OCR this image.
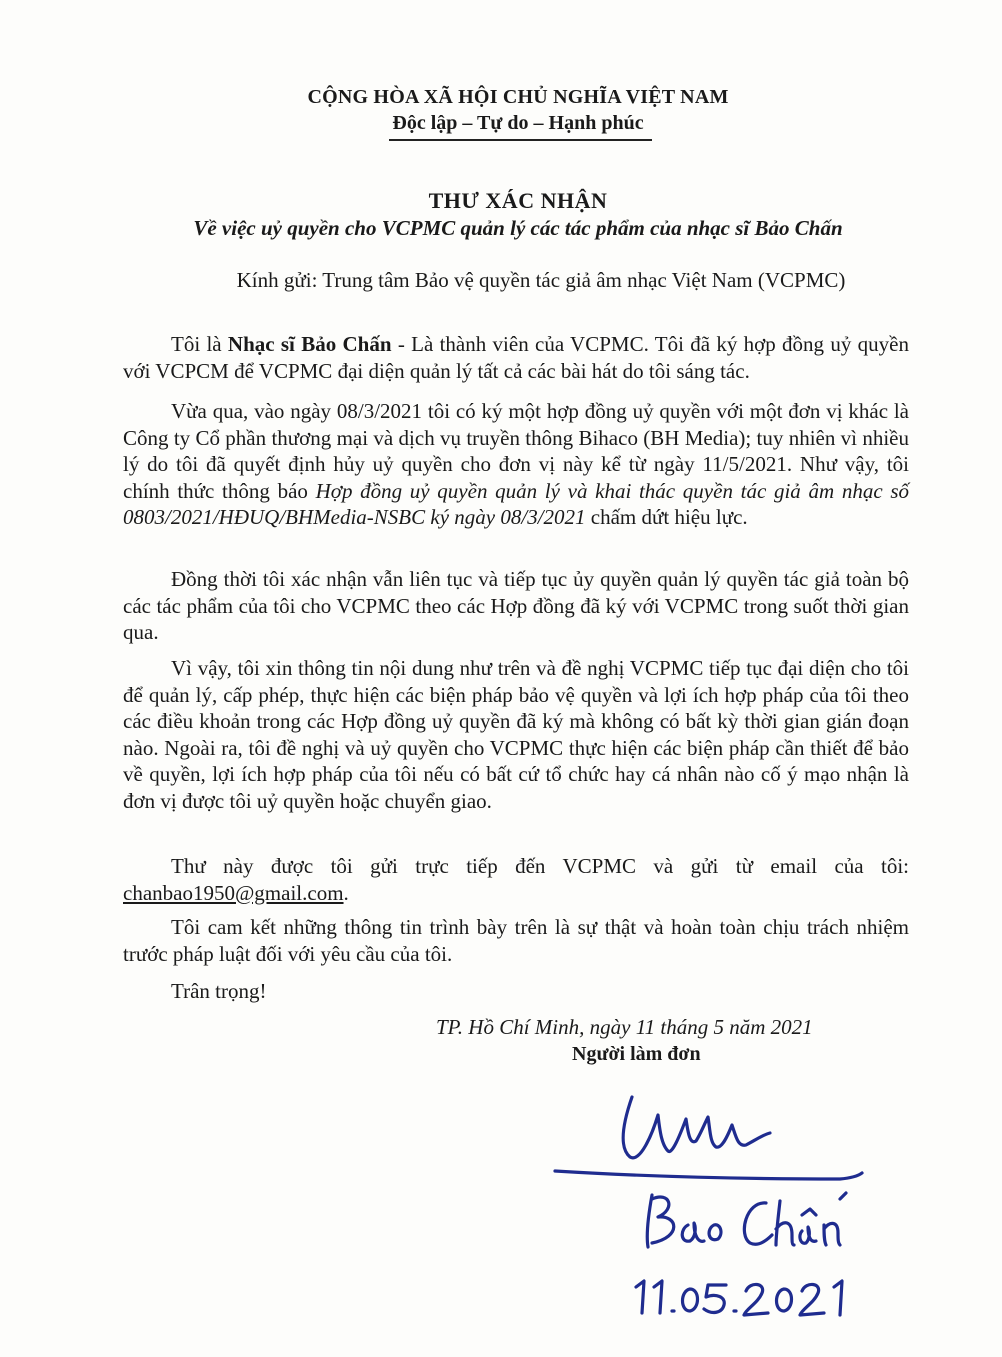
CỘNG HÒA XÃ HỘI CHỦ NGHĨA VIỆT NAM
Độc lập – Tự do – Hạnh phúc
THƯ XÁC NHẬN
Về việc uỷ quyền cho VCPMC quản lý các tác phẩm của nhạc sĩ Bảo Chấn
Kính gửi: Trung tâm Bảo vệ quyền tác giả âm nhạc Việt Nam (VCPMC)

Tôi là Nhạc sĩ Bảo Chấn - Là thành viên của VCPMC. Tôi đã ký hợp đồng uỷ quyền với VCPCM để VCPMC đại diện quản lý tất cả các bài hát do tôi sáng tác.

Vừa qua, vào ngày 08/3/2021 tôi có ký một hợp đồng uỷ quyền với một đơn vị khác là Công ty Cổ phần thương mại và dịch vụ truyền thông Bihaco (BH Media); tuy nhiên vì nhiều lý do tôi đã quyết định hủy uỷ quyền cho đơn vị này kể từ ngày 11/5/2021. Như vậy, tôi chính thức thông báo Hợp đồng uỷ quyền quản lý và khai thác quyền tác giả âm nhạc số 0803/2021/HĐUQ/BHMedia-NSBC ký ngày 08/3/2021 chấm dứt hiệu lực.

Đồng thời tôi xác nhận vẫn liên tục và tiếp tục ủy quyền quản lý quyền tác giả toàn bộ các tác phẩm của tôi cho VCPMC theo các Hợp đồng đã ký với VCPMC trong suốt thời gian qua.

Vì vậy, tôi xin thông tin nội dung như trên và đề nghị VCPMC tiếp tục đại diện cho tôi để quản lý, cấp phép, thực hiện các biện pháp bảo vệ quyền và lợi ích hợp pháp của tôi theo các điều khoản trong các Hợp đồng uỷ quyền đã ký mà không có bất kỳ thời gian gián đoạn nào. Ngoài ra, tôi đề nghị và uỷ quyền cho VCPMC thực hiện các biện pháp cần thiết để bảo về quyền, lợi ích hợp pháp của tôi nếu có bất cứ tổ chức hay cá nhân nào cố ý mạo nhận là đơn vị được tôi uỷ quyền hoặc chuyển giao.

Thư này được tôi gửi trực tiếp đến VCPMC và gửi từ email của tôi: chanbao1950@gmail.com.

Tôi cam kết những thông tin trình bày trên là sự thật và hoàn toàn chịu trách nhiệm trước pháp luật đối với yêu cầu của tôi.

Trân trọng!

TP. Hồ Chí Minh, ngày 11 tháng 5 năm 2021
Người làm đơn
